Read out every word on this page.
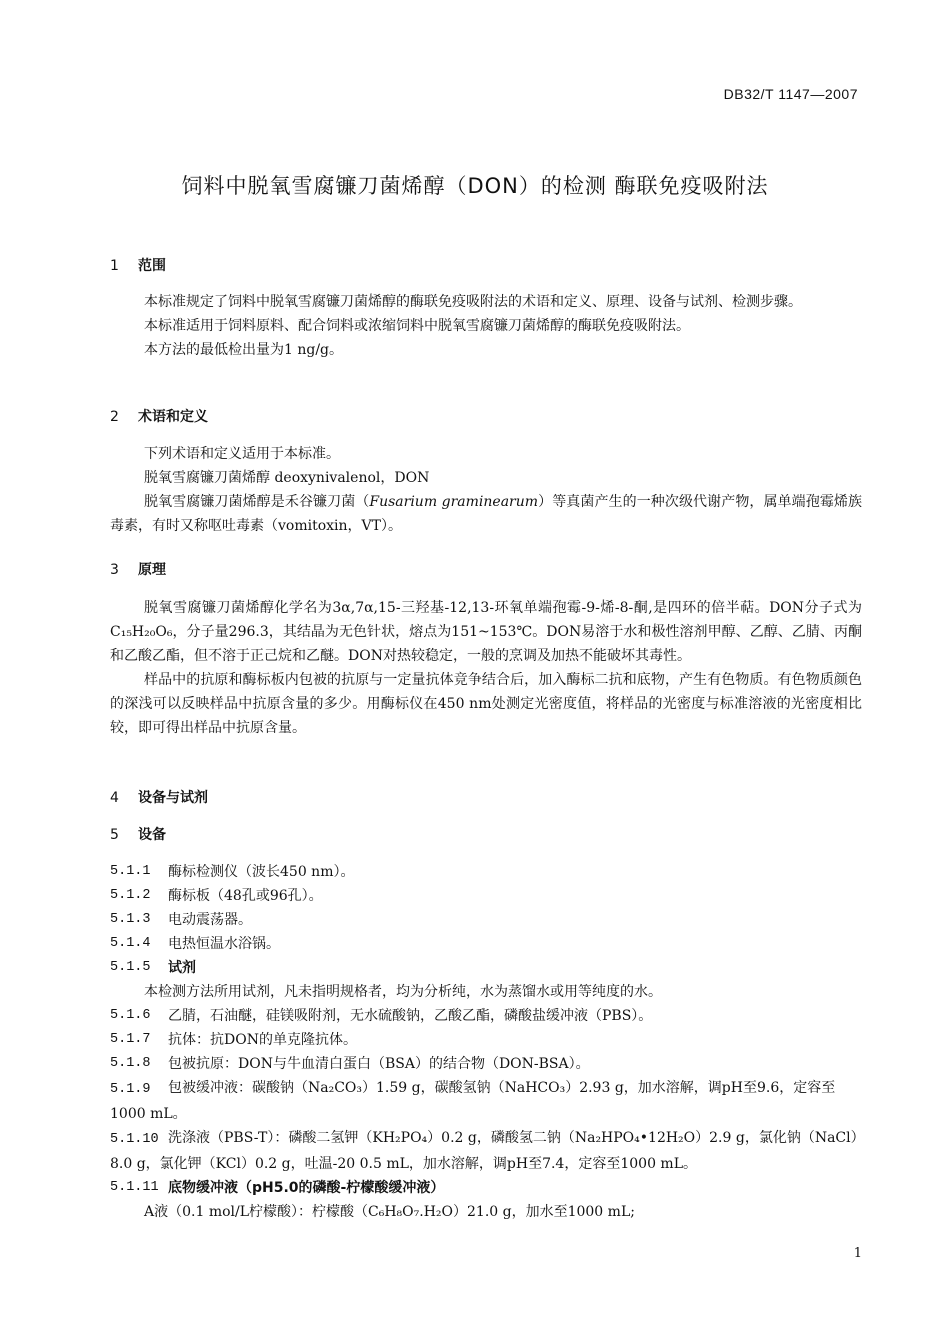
DB32/T 1147—2007
饲料中脱氧雪腐镰刀菌烯醇（DON）的检测 酶联免疫吸附法
1 范围
本标准规定了饲料中脱氧雪腐镰刀菌烯醇的酶联免疫吸附法的术语和定义、原理、设备与试剂、检测步骤。
本标准适用于饲料原料、配合饲料或浓缩饲料中脱氧雪腐镰刀菌烯醇的酶联免疫吸附法。
本方法的最低检出量为1 ng/g。
2 术语和定义
下列术语和定义适用于本标准。
脱氧雪腐镰刀菌烯醇 deoxynivalenol，DON
脱氧雪腐镰刀菌烯醇是禾谷镰刀菌（Fusarium graminearum）等真菌产生的一种次级代谢产物，属单端孢霉烯族毒素，有时又称呕吐毒素（vomitoxin，VT）。
3 原理
脱氧雪腐镰刀菌烯醇化学名为3α,7α,15-三羟基-12,13-环氧单端孢霉-9-烯-8-酮,是四环的倍半萜。DON分子式为C₁₅H₂₀O₆，分子量296.3，其结晶为无色针状，熔点为151~153℃。DON易溶于水和极性溶剂甲醇、乙醇、乙腈、丙酮和乙酸乙酯，但不溶于正己烷和乙醚。DON对热较稳定，一般的烹调及加热不能破坏其毒性。
样品中的抗原和酶标板内包被的抗原与一定量抗体竞争结合后，加入酶标二抗和底物，产生有色物质。有色物质颜色的深浅可以反映样品中抗原含量的多少。用酶标仪在450 nm处测定光密度值，将样品的光密度与标准溶液的光密度相比较，即可得出样品中抗原含量。
4 设备与试剂
5 设备
5.1.1	酶标检测仪（波长450 nm）。
5.1.2	酶标板（48孔或96孔）。
5.1.3	电动震荡器。
5.1.4	电热恒温水浴锅。
5.1.5	试剂
本检测方法所用试剂，凡未指明规格者，均为分析纯，水为蒸馏水或用等纯度的水。
5.1.6	乙腈，石油醚，硅镁吸附剂，无水硫酸钠，乙酸乙酯，磷酸盐缓冲液（PBS）。
5.1.7	抗体：抗DON的单克隆抗体。
5.1.8	包被抗原：DON与牛血清白蛋白（BSA）的结合物（DON-BSA）。
5.1.9 包被缓冲液：碳酸钠（Na₂CO₃）1.59 g，碳酸氢钠（NaHCO₃）2.93 g，加水溶解，调pH至9.6，定容至1000 mL。
5.1.10 洗涤液（PBS-T）：磷酸二氢钾（KH₂PO₄）0.2 g，磷酸氢二钠（Na₂HPO₄•12H₂O）2.9 g，氯化钠（NaCl）8.0 g，氯化钾（KCl）0.2 g，吐温-20 0.5 mL，加水溶解，调pH至7.4，定容至1000 mL。
5.1.11 底物缓冲液（pH5.0的磷酸-柠檬酸缓冲液）
A液（0.1 mol/L柠檬酸）：柠檬酸（C₆H₈O₇.H₂O）21.0 g，加水至1000 mL;
1
